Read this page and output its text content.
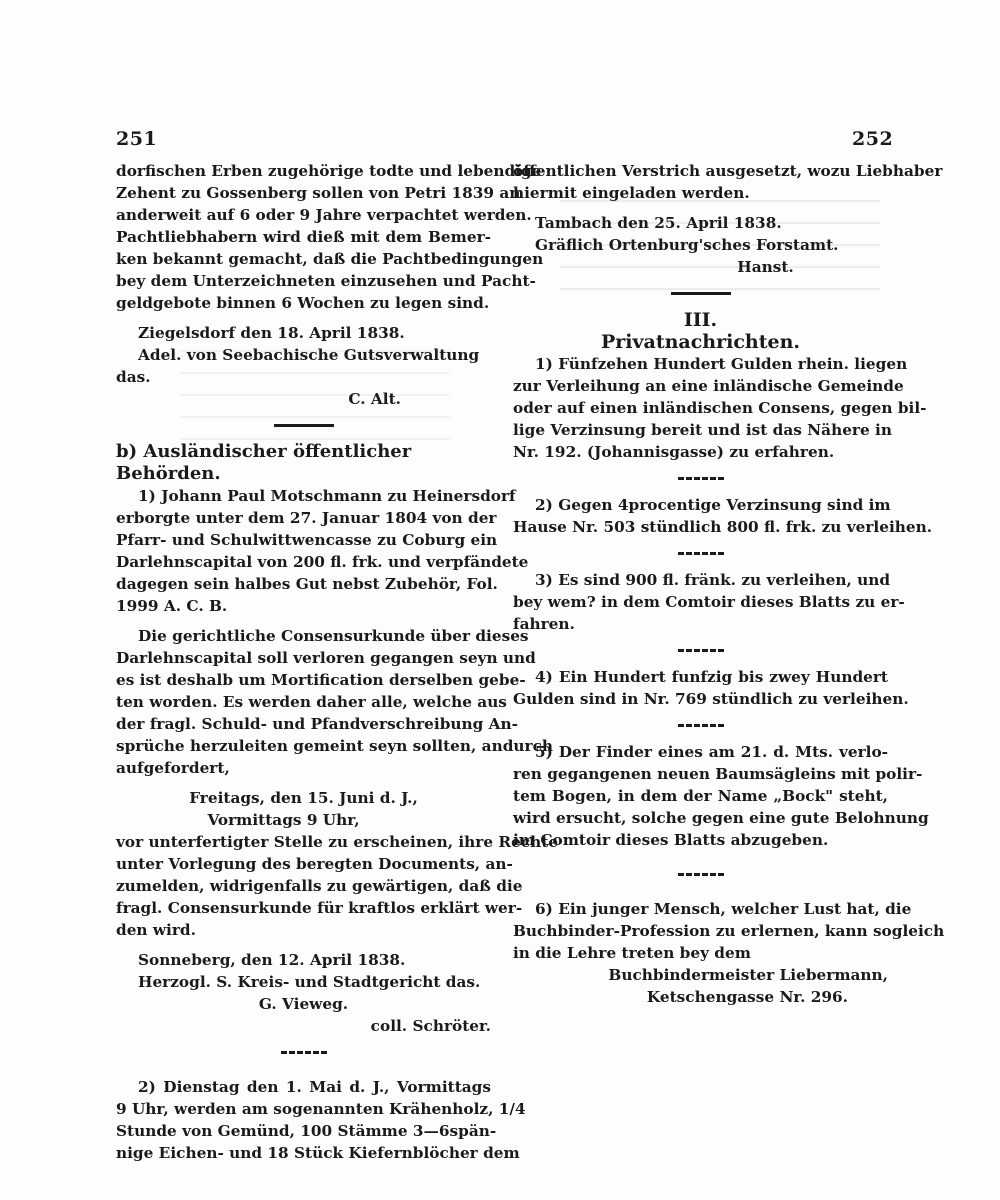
251	252
dorfischen Erben zugehörige todte und lebendige
Zehent zu Gossenberg sollen von Petri 1839 an
anderweit auf 6 oder 9 Jahre verpachtet werden.
Pachtliebhabern wird dieß mit dem Bemer-
ken bekannt gemacht, daß die Pachtbedingungen
bey dem Unterzeichneten einzusehen und Pacht-
geldgebote binnen 6 Wochen zu legen sind.

Ziegelsdorf den 18. April 1838.

Adel. von Seebachische Gutsverwaltung das.

C. Alt.

b) Ausländischer öffentlicher Behörden.

1) Johann Paul Motschmann zu Heinersdorf
erborgte unter dem 27. Januar 1804 von der
Pfarr- und Schulwittwencasse zu Coburg ein
Darlehnscapital von 200 fl. frk. und verpfändete
dagegen sein halbes Gut nebst Zubehör, Fol.
1999 A. C. B.
Die gerichtliche Consensurkunde über dieses
Darlehnscapital soll verloren gegangen seyn und
es ist deshalb um Mortification derselben gebe-
ten worden. Es werden daher alle, welche aus
der fragl. Schuld- und Pfandverschreibung An-
sprüche herzuleiten gemeint seyn sollten, andurch
aufgefordert,

Freitags, den 15. Juni d. J.,

Vormittags 9 Uhr,

vor unterfertigter Stelle zu erscheinen, ihre Rechte
unter Vorlegung des beregten Documents, an-
zumelden, widrigenfalls zu gewärtigen, daß die
fragl. Consensurkunde für kraftlos erklärt wer-
den wird.

Sonneberg, den 12. April 1838.

Herzogl. S. Kreis- und Stadtgericht das.

G. Vieweg.

coll. Schröter.

2) Dienstag den 1. Mai d. J., Vormittags
9 Uhr, werden am sogenannten Krähenholz, 1/4
Stunde von Gemünd, 100 Stämme 3—6spän-
nige Eichen- und 18 Stück Kiefernblöcher dem
öffentlichen Verstrich ausgesetzt, wozu Liebhaber
hiermit eingeladen werden.

Tambach den 25. April 1838.

Gräflich Ortenburg'sches Forstamt.

Hanst.

III.

Privatnachrichten.

1) Fünfzehen Hundert Gulden rhein. liegen
zur Verleihung an eine inländische Gemeinde
oder auf einen inländischen Consens, gegen bil-
lige Verzinsung bereit und ist das Nähere in
Nr. 192. (Johannisgasse) zu erfahren.
2) Gegen 4procentige Verzinsung sind im
Hause Nr. 503 stündlich 800 fl. frk. zu verleihen.
3) Es sind 900 fl. fränk. zu verleihen, und
bey wem? in dem Comtoir dieses Blatts zu er-
fahren.
4) Ein Hundert funfzig bis zwey Hundert
Gulden sind in Nr. 769 stündlich zu verleihen.
5) Der Finder eines am 21. d. Mts. verlo-
ren gegangenen neuen Baumsägleins mit polir-
tem Bogen, in dem der Name „Bock" steht,
wird ersucht, solche gegen eine gute Belohnung
im Comtoir dieses Blatts abzugeben.
6) Ein junger Mensch, welcher Lust hat, die
Buchbinder-Profession zu erlernen, kann sogleich
in die Lehre treten bey dem

Buchbindermeister Liebermann,

Ketschengasse Nr. 296.
